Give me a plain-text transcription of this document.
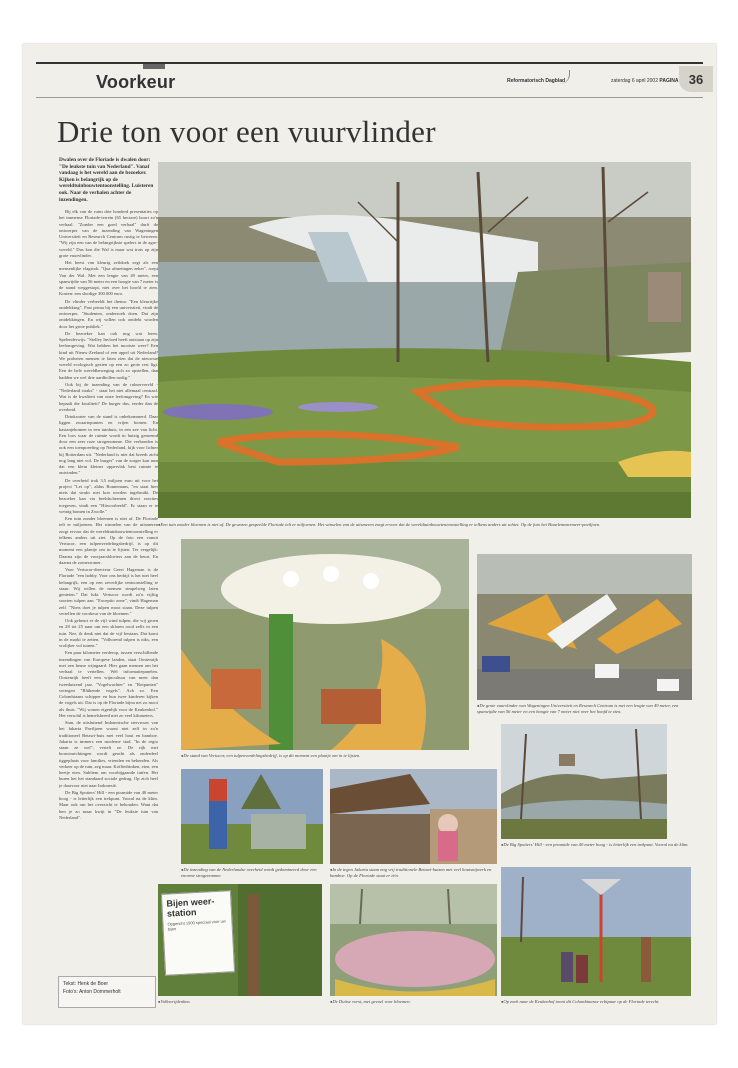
Voorkeur	Reformatorisch Dagblad	zaterdag 6 april 2002 PAGINA 36
Drie ton voor een vuurvlinder
Dwalen over de Floriade is dwalen door: "De leukste tuin van Nederland". Vanaf vandaag is het wereld aan de bezoeker. Kijken is belangrijk op de wereldtuinbouwtentoonstelling. Luisteren ook. Naar de verhalen achter de inzendingen.

Bij elk van de ruim drie honderd presentaties op het immense Floriade-terrein (65 hectare) hoort zo'n verhaal. "Zonder een goed verhaal" durft de ontwerper van de inzending van Wageningen Universiteit en Research Centrum rustig te beweren. "Wij zijn een van de belangrijkste spelers in de agro-wereld." Dus kon die Wal is maar wat trots op zijn grote vuurvlinder.

Het beest van kleurig zeildoek zegt als een mensenlijke vlagstok. "Qua afmetingen zeker", roept Van der Wal. Met een lengte van 49 meter, een spanwijdte van 56 meter en een hoogte van 7 meter is de stand weggestopt, niet over het hoofd te zien. Kosten: een slordige 300.000 euro.

De vlinder verbeeldt het thema: "Een kleurrijke ontdekking". Past prima bij een universiteit, vindt de ontwerper. "Studenten, onderzoek doen. Dat zijn ontdekkingen. En wij willen ook ontdekt worden door het grote publiek."

De bezoeker kan ook nog wat leren. Spelenderwijs. "Stelley Invloed heeft ontstaan op zijn leefomgeving. Wat hebben het mooiste weer? Een kind uit Nieuw-Zeeland of een appel uit Nederland? We proberen mensen te laten zien dat de nieuwste wereld ecologisch gezien op een zo grote rest ligt. Een de hele wereldbeweging zich zo opstellen, dan hadden we wel drie aardbollen nodig."

Ook bij de inzending van de rubservereld - "Nederland straks" - staat het niet allemaal centraal. Wat is de kwaliteit van onze leefomgeving? En wie bepaalt die kwaliteit? De burger dus, eerder dan de overheid.

Drinkwater van de stand is onbekommerd. Daar liggen zwaartepunten en vrijen bomen. En kastanjebomen in een tuinhuis, in een zee van licht. Een loos waar de ruimte wordt in huizig genoemd door een zeer roze strogenomme. Die verbonden is ook een toenpoeeling op Nederland, kijk voor lichter bij Rotterdam uit. "Nederland is niet dat breedt zicht nog lang niet vol. De burger" van de zorger kan rum dat een klein kleiner oppervlak best ruimte te ontvinden."

De overheid trok 3,5 miljoen euro uit voor het project "Let op", aldus Bonnemans, "en staat hier niets dat straks niet kon worden ingebruikt. De bezoeker kan via beeldschermen direct reacties toegeven, vindt een "Hitvoorbeeld". Er staan er te weinig bomen in Zwolle."

Een tuin zonder bloemen is niet af. De Floriade telt er miljoenen. Het winnelen van de uitsmeren zorgt ervoor dat de wereldtuinbouwtentoonstelling er telkens anders uit ziet. Op de foto een vanuit Vertucor, een tulpenverdelingsbedrijf, is op dit moment een plantje om in te lijsten. Ter vergelijk: Daarna zijn de voorjaarsbloeiers aan de beurt. En daarna de zomerzomer.

Voor Vertucor-directeur Geert Hageman is de Floriade "een hobby. Voor ons bedrijf is het niet heel belangrijk, een op een oeverlijke tentoonstelling te staan. Wij willen de mensen simpelweg laten genieten." Dat lukt. Vertucor wordt zo'n vijftig soorten tulpen aan. "Exceptio zone", vindt Hageman zelf. "Niets doet je tulpen mooi staan. Deze tulpen vertellen de voorkeur van de bloemen."

Ook gebeurt er de vijf wind tulpen, die wij groen en 28 tot 25 naar om een sklaren rood zelfs in een tuin. Nee, ik denk niet dat de vijf bestaan. Dat komt in de markt te zetten. "Volhorend tulpen is niks, een vrolijker vol tuinen."

Een paar kilometer verderop, tussen verschillende inzendingen van Europese landen, staat Oostenrijk met een heuse wijngaard. Hier gaan mensen om het verhaal te vertellen. Wel informatiepanelen. Oostenrijk heeft een wijncultuur van meer dan tweeduizend jaar. "Vogelwachter" en "Rotpunten" vertegen "Blühende vogels". Ach zo. Een Colombiaans schipper en hun twee kinderen kijken de vogels uit. Dat is op de Floriade bijna net zo mooi als thuis. "Wij wonen eigenlijk voor de Keukenhof." Het verschil is hemelsbreed niet zo veel kilometers.

Stan, de uitsluitend Indonesische stervrouw van het fakarta Paviljoen woont niet zelf in zo'n traditioneel Betawi-huis met veel hout en bamboe. Jakarta is immers een moderne stad. "In de regio staan ze wel", vertelt ze. De rijk met bouwinrichtingen wordt geacht als onderdeel tiggeplaats voor families, vrienden en bekenden. Als verkeer op de tuin, zeg maar. Koffiedrinken, eten, een beetje eten. Subliem om voorbijgaande tinfen. Het huren het het standaard sociale gedrag. Op zich heel je daarvoor niet naar Indonesië.

De Big Spotters' Hill - een piramide van 40 meter hoog - is letterlijk een trekpunt. Vooral na de klim. Maar ook om het overzicht te behouden. Want dat ben je zo maar kwijt in "De leukste tuin van Nederland".

Tekst: Henk de Boer
Foto's: Anton Dommerholt
● Een tuin zonder bloemen is niet af. De gewezen gespeelde Floriade telt er miljoenen. Het winselen van de uitsmeren zorgt ervoor dat de wereldtuinbouwtentoonstelling er telkens anders uit schiet. Op de foto het Haarlemmermeer-paviljoen.
● De stand van Vertucor, een tulpenverdelingsbedrijf, is op dit moment een plaatje om in te lijsten.
● De grote vuurvlinder van Wageningen Universiteit en Research Centrum is met een lengte van 49 meter, een spanwijdte van 56 meter en een hoogte van 7 meter niet over het hoofd te zien.
● De Big Spotters' Hill - een piramide van 40 meter hoog - is letterlijk een trekpunt. Vooral na de klim.
● De inzending van de Nederlandse overheid wordt gedomineerd door een enorme strogenomme.
● In de tegen Jakarta staan nog vrij traditionele Betawi-huizen met veel houtsnijwerk en bamboe. Op de Floriade staat er één.
Bijen weer-station
Opgericht 1900 speciaal voor uw bijen
● Volksvrijdenken.	● De Duitse vorst, met gevoel voor bloemen.	● Op zoek naar de Keukenhof toont dit Colombiaanse echtpaar op de Floriade terecht.
